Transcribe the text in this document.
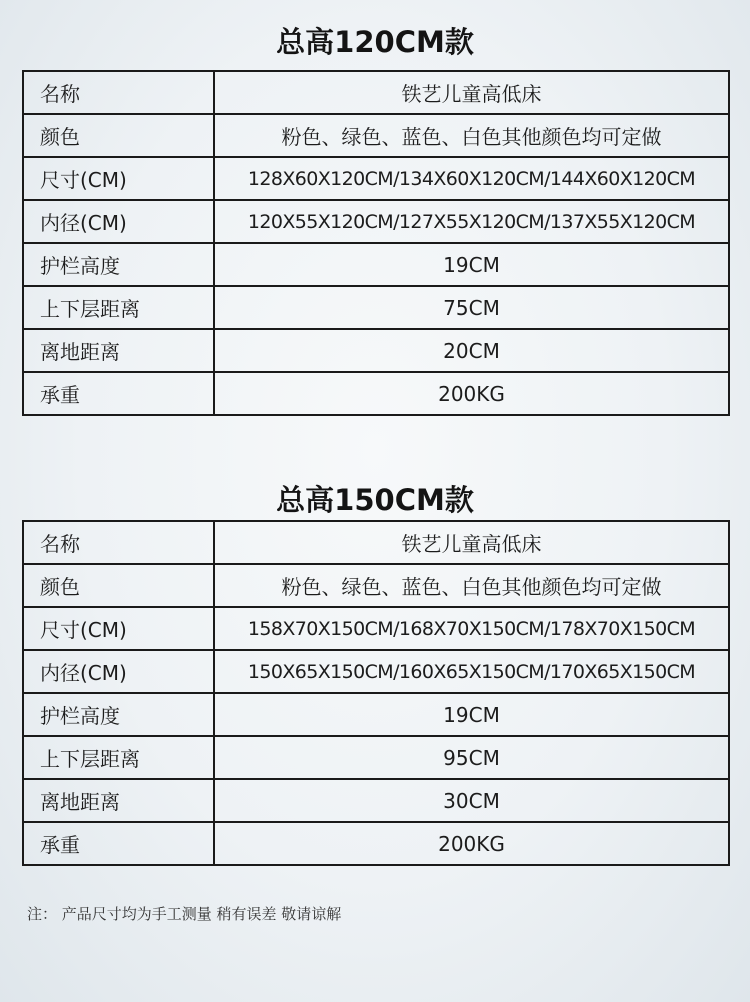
总高120CM款
名称	铁艺儿童高低床
颜色	粉色、绿色、蓝色、白色其他颜色均可定做
尺寸(CM)	128X60X120CM/134X60X120CM/144X60X120CM
内径(CM)	120X55X120CM/127X55X120CM/137X55X120CM
护栏高度	19CM
上下层距离	75CM
离地距离	20CM
承重	200KG
总高150CM款
名称	铁艺儿童高低床
颜色	粉色、绿色、蓝色、白色其他颜色均可定做
尺寸(CM)	158X70X150CM/168X70X150CM/178X70X150CM
内径(CM)	150X65X150CM/160X65X150CM/170X65X150CM
护栏高度	19CM
上下层距离	95CM
离地距离	30CM
承重	200KG
注： 产品尺寸均为手工测量 稍有误差 敬请谅解
